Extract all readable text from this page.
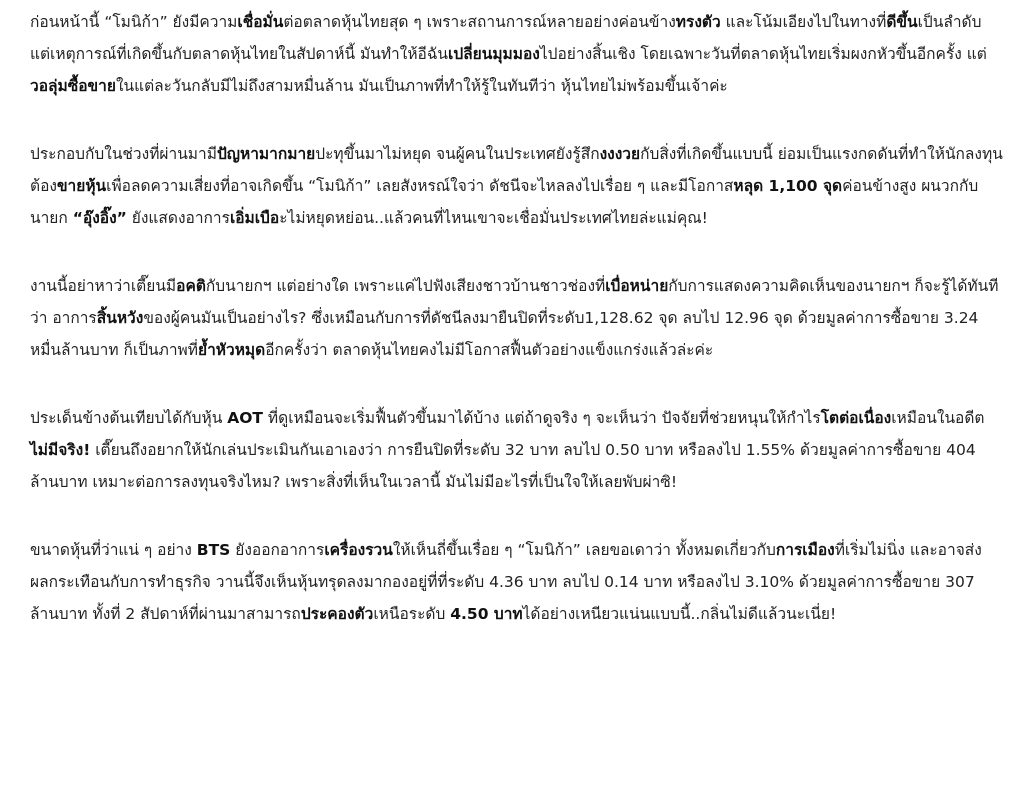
ก่อนหน้านี้ “โมนิก้า” ยังมีความเชื่อมั่นต่อตลาดหุ้นไทยสุด ๆ เพราะสถานการณ์หลายอย่างค่อนข้างทรงตัว และโน้มเอียงไปในทางที่ดีขึ้นเป็นลำดับ แต่เหตุการณ์ที่เกิดขึ้นกับตลาดหุ้นไทยในสัปดาห์นี้ มันทำให้อีฉันเปลี่ยนมุมมองไปอย่างสิ้นเชิง โดยเฉพาะวันที่ตลาดหุ้นไทยเริ่มผงกหัวขึ้นอีกครั้ง แต่วอลุ่มซื้อขายในแต่ละวันกลับมีไม่ถึงสามหมื่นล้าน มันเป็นภาพที่ทำให้รู้ในทันทีว่า หุ้นไทยไม่พร้อมขึ้นเจ้าค่ะ

ประกอบกับในช่วงที่ผ่านมามีปัญหามากมายปะทุขึ้นมาไม่หยุด จนผู้คนในประเทศยังรู้สึกงงงวยกับสิ่งที่เกิดขึ้นแบบนี้ ย่อมเป็นแรงกดดันที่ทำให้นักลงทุนต้องขายหุ้นเพื่อลดความเสี่ยงที่อาจเกิดขึ้น “โมนิก้า” เลยสังหรณ์ใจว่า ดัชนีจะไหลลงไปเรื่อย ๆ และมีโอกาสหลุด 1,100 จุดค่อนข้างสูง ผนวกกับนายก “อุ๊งอิ๊ง” ยังแสดงอาการเอิ่มเบือะไม่หยุดหย่อน..แล้วคนที่ไหนเขาจะเชื่อมั่นประเทศไทยล่ะแม่คุณ!

งานนี้อย่าหาว่าเตี๊ยนมีอคติกับนายกฯ แต่อย่างใด เพราะแค่ไปฟังเสียงชาวบ้านชาวช่องที่เบื่อหน่ายกับการแสดงความคิดเห็นของนายกฯ ก็จะรู้ได้ทันทีว่า อาการสิ้นหวังของผู้คนมันเป็นอย่างไร? ซึ่งเหมือนกับการที่ดัชนีลงมายืนปิดที่ระดับ1,128.62 จุด ลบไป 12.96 จุด ด้วยมูลค่าการซื้อขาย 3.24 หมื่นล้านบาท ก็เป็นภาพที่ย้ำหัวหมุดอีกครั้งว่า ตลาดหุ้นไทยคงไม่มีโอกาสฟื้นตัวอย่างแข็งแกร่งแล้วล่ะค่ะ

ประเด็นข้างต้นเทียบได้กับหุ้น AOT ที่ดูเหมือนจะเริ่มฟื้นตัวขึ้นมาได้บ้าง แต่ถ้าดูจริง ๆ จะเห็นว่า ปัจจัยที่ช่วยหนุนให้กำไรโตต่อเนื่องเหมือนในอดีต ไม่มีจริง! เตี๊ยนถึงอยากให้นักเล่นประเมินกันเอาเองว่า การยืนปิดที่ระดับ 32 บาท ลบไป 0.50 บาท หรือลงไป 1.55% ด้วยมูลค่าการซื้อขาย 404 ล้านบาท เหมาะต่อการลงทุนจริงไหม? เพราะสิ่งที่เห็นในเวลานี้ มันไม่มีอะไรที่เป็นใจให้เลยพับผ่าซิ!

ขนาดหุ้นที่ว่าแน่ ๆ อย่าง BTS ยังออกอาการเครื่องรวนให้เห็นถี่ขึ้นเรื่อย ๆ “โมนิก้า” เลยขอเดาว่า ทั้งหมดเกี่ยวกับการเมืองที่เริ่มไม่นิ่ง และอาจส่งผลกระเทือนกับการทำธุรกิจ วานนี้จึงเห็นหุ้นทรุดลงมากองอยู่ที่ที่ระดับ 4.36 บาท ลบไป 0.14 บาท หรือลงไป 3.10% ด้วยมูลค่าการซื้อขาย 307 ล้านบาท ทั้งที่ 2 สัปดาห์ที่ผ่านมาสามารถประคองตัวเหนือระดับ 4.50 บาทได้อย่างเหนียวแน่นแบบนี้..กลิ่นไม่ดีแล้วนะเนี่ย!
